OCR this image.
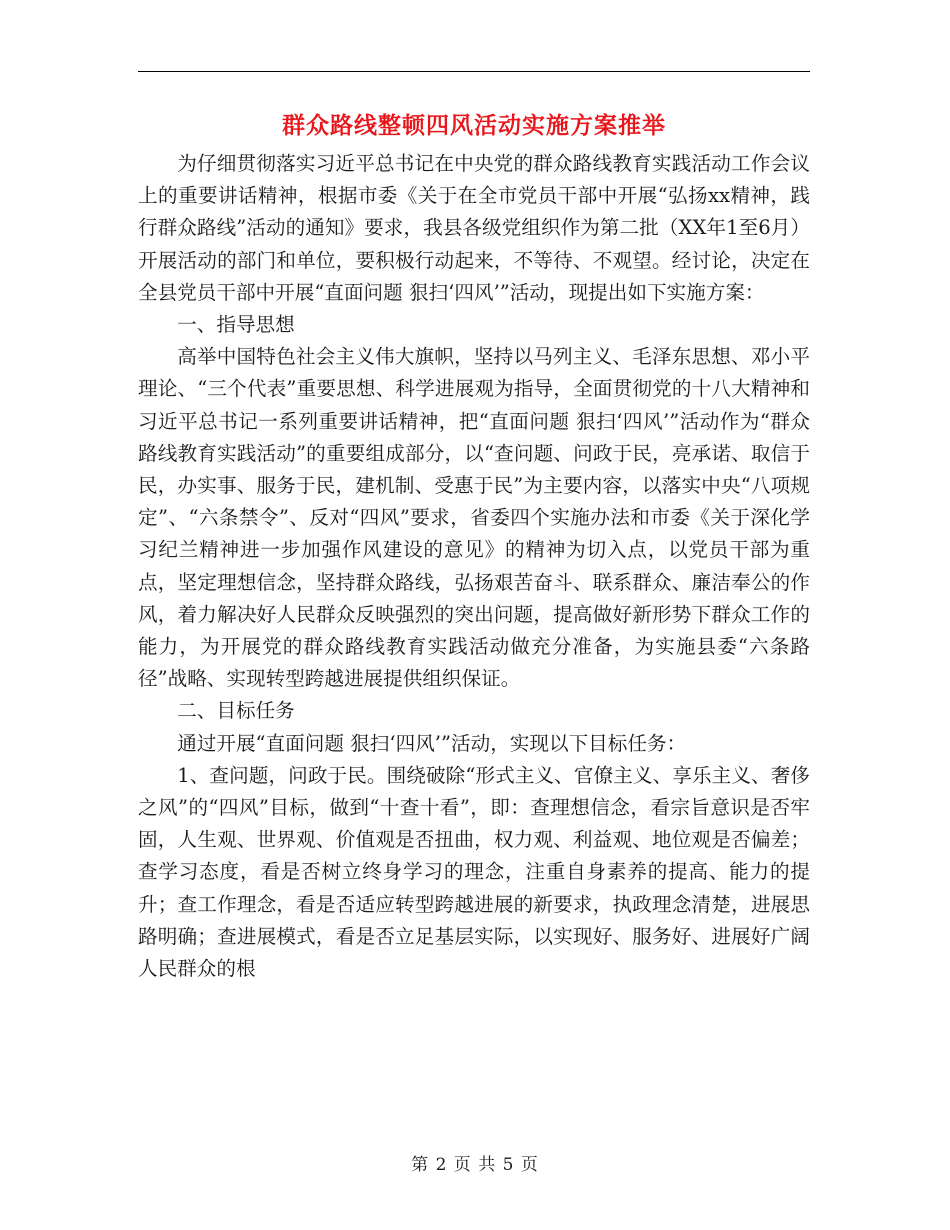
群众路线整顿四风活动实施方案推举

为仔细贯彻落实习近平总书记在中央党的群众路线教育实践活动工作会议上的重要讲话精神，根据市委《关于在全市党员干部中开展“弘扬xx精神，践行群众路线”活动的通知》要求，我县各级党组织作为第二批（XX年1至6月）开展活动的部门和单位，要积极行动起来，不等待、不观望。经讨论，决定在全县党员干部中开展“直面问题 狠扫‘四风’”活动，现提出如下实施方案：

一、指导思想

高举中国特色社会主义伟大旗帜，坚持以马列主义、毛泽东思想、邓小平理论、“三个代表”重要思想、科学进展观为指导，全面贯彻党的十八大精神和习近平总书记一系列重要讲话精神，把“直面问题 狠扫‘四风’”活动作为“群众路线教育实践活动”的重要组成部分，以“查问题、问政于民，亮承诺、取信于民，办实事、服务于民，建机制、受惠于民”为主要内容，以落实中央“八项规定”、“六条禁令”、反对“四风”要求，省委四个实施办法和市委《关于深化学习纪兰精神进一步加强作风建设的意见》的精神为切入点，以党员干部为重点，坚定理想信念，坚持群众路线，弘扬艰苦奋斗、联系群众、廉洁奉公的作风，着力解决好人民群众反映强烈的突出问题，提高做好新形势下群众工作的能力，为开展党的群众路线教育实践活动做充分准备，为实施县委“六条路径”战略、实现转型跨越进展提供组织保证。

二、目标任务

通过开展“直面问题 狠扫‘四风’”活动，实现以下目标任务：

1、查问题，问政于民。围绕破除“形式主义、官僚主义、享乐主义、奢侈之风”的“四风”目标，做到“十查十看”，即：查理想信念，看宗旨意识是否牢固，人生观、世界观、价值观是否扭曲，权力观、利益观、地位观是否偏差；查学习态度，看是否树立终身学习的理念，注重自身素养的提高、能力的提升；查工作理念，看是否适应转型跨越进展的新要求，执政理念清楚，进展思路明确；查进展模式，看是否立足基层实际，以实现好、服务好、进展好广阔人民群众的根

第 2 页 共 5 页
